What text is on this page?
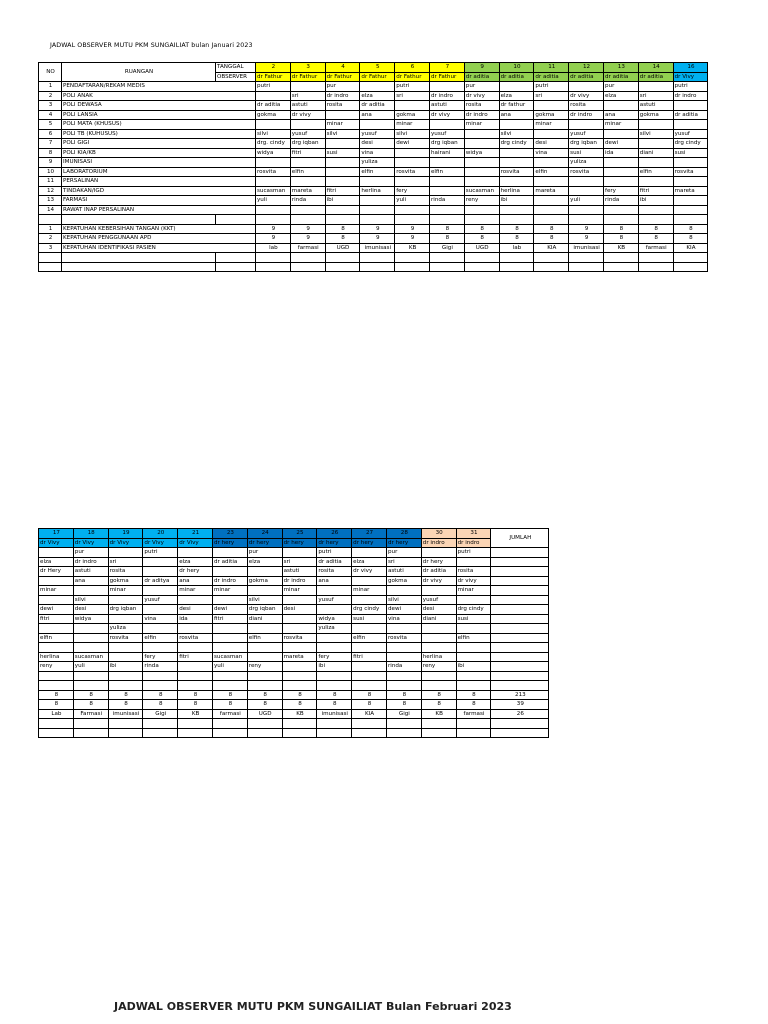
JADWAL OBSERVER MUTU PKM SUNGAILIAT bulan Januari 2023
NO	RUANGAN	TANGGAL	2	3	4	5	6	7	9	10	11	12	13	14	16
		OBSERVER	dr Fathur	dr Fathur	dr Fathur	dr Fathur	dr Fathur	dr Fathur	dr aditia	dr aditia	dr aditia	dr aditia	dr aditia	dr aditia	dr Vivy
1	PENDAFTARAN/REKAM MEDIS		putri		pur		putri		pur		putri		pur		putri
2	POLI ANAK			sri	dr indro	elza	sri	dr indro	dr vivy	elza	sri	dr vivy	elza	sri	dr indro
3	POLI DEWASA		dr aditia	astuti	rosita	dr aditia		astuti	rosita	dr fathur		rosita		astuti	
4	POLI LANSIA		gokma	dr vivy		ana	gokma	dr vivy	dr indro	ana	gokma	dr indro	ana	gokma	dr aditia
5	POLI MATA (KHUSUS)				minar		minar		minar		minar		minar		
6	POLI TB (KUHUSUS)		silvi	yusuf	silvi	yusuf	silvi	yusuf		silvi		yusuf		silvi	yusuf
7	POLI GIGI		drg. cindy	drg iqban		desi	dewi	drg iqban		drg cindy	desi	drg iqban	dewi		drg cindy
8	POLI KIA/KB		widya	fitri	susi	vina		hairani	widya		vina	susi	ida	diani	susi
9	IMUNISASI					yuliza						yuliza			
10	LABORATORIUM		rosvita	elfin		elfin	rosvita	elfin		rosvita	elfin	rosvita		elfin	rosvita
11	PERSALINAN														
12	TINDAKAN/IGD		sucasman	mareta	fitri	herlina	fery		sucasman	herlina	mareta		fery	fitri	mareta
13	FARMASI		yuli	rinda	ibi		yuli	rinda	reny	ibi		yuli	rinda	ibi	
14	RAWAT INAP PERSALINAN														

1	KEPATUHAN KEBERSIHAN TANGAN (KKT)		9	9	8	9	9	8	8	8	8	9	8	8	8
2	KEPATUHAN PENGGUNAAN APD		9	9	8	9	9	8	8	8	8	9	8	8	8
3	KEPATUHAN IDENTIFIKASI PASIEN		lab	farmasi	UGD	imunisasi	KB	Gigi	UGD	lab	KIA	imunisasi	KB	farmasi	KIA

17	18	19	20	21	23	24	25	26	27	28	30	31	JUMLAH
dr Vivy	dr Vivy	dr Vivy	dr Vivy	dr Vivy	dr hery	dr hery	dr hery	dr hery	dr hery	dr hery	dr indro	dr indro	
	pur		putri			pur		putri		pur		putri	
elza	dr indro	sri		elza	dr aditia	elza	sri	dr aditia	elza	sri	dr hery		
dr Hery	astuti	rosita		dr hery			astuti	rosita	dr vivy	astuti	dr aditia	rosita	
	ana	gokma	dr aditya	ana	dr indro	gokma	dr indro	ana		gokma	dr vivy	dr vivy	
minar		minar		minar	minar		minar		minar			minar	
	silvi		yusuf			silvi		yusuf		silvi	yusuf		
dewi	desi	drg iqban		desi	dewi	drg iqban	desi		drg cindy	dewi	desi	drg cindy	
fitri	widya		vina	ida	fitri	diani		widya	susi	vina	diani	susi	
		yuliza						yuliza					
elfin		rosvita	elfin	rosvita		elfin	rosvita		elfin	rosvita		elfin	

herlina	sucasman		fery	fitri	sucasman		mareta	fery	fitri		herlina		
reny	yuli	ibi	rinda		yuli	reny		ibi		rinda	reny	ibi	

8	8	8	8	8	8	8	8	8	8	8	8	8	213
8	8	8	8	8	8	8	8	8	8	8	8	8	39
Lab	Farmasi	imunisasi	Gigi	KB	farmasi	UGD	KB	imunisasi	KIA	Gigi	KB	farmasi	26

JADWAL OBSERVER MUTU PKM SUNGAILIAT Bulan Februari 2023
